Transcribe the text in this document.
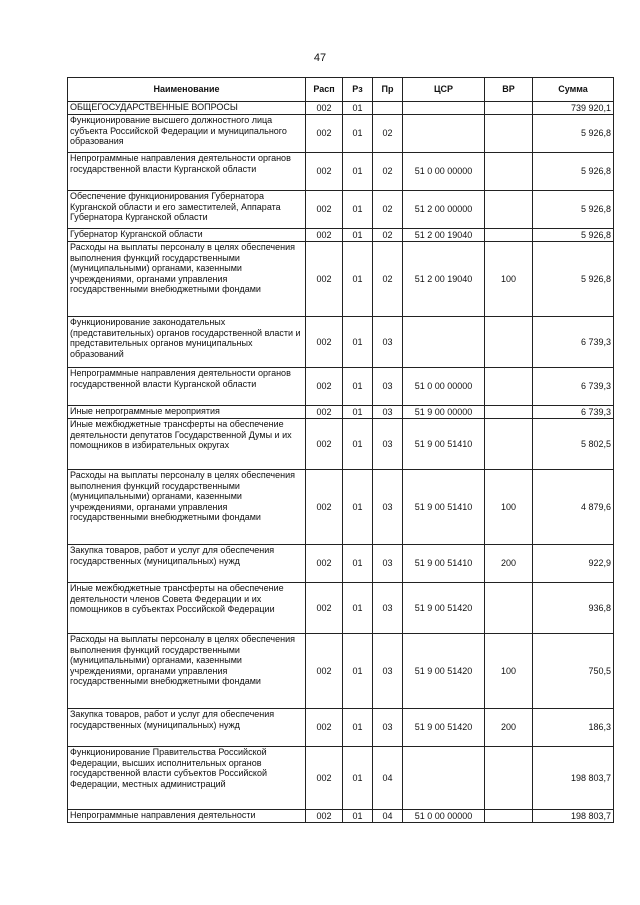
47
Наименование	Расп	Рз	Пр	ЦСР	ВР	Сумма
ОБЩЕГОСУДАРСТВЕННЫЕ ВОПРОСЫ	002	01				739 920,1
Функционирование высшего должностного лица субъекта Российской Федерации и муниципального образования	002	01	02			5 926,8
Непрограммные направления деятельности органов государственной власти Курганской области	002	01	02	51 0 00 00000		5 926,8
Обеспечение функционирования Губернатора Курганской области и его заместителей, Аппарата Губернатора Курганской области	002	01	02	51 2 00 00000		5 926,8
Губернатор Курганской области	002	01	02	51 2 00 19040		5 926,8
Расходы на выплаты персоналу в целях обеспечения выполнения функций государственными (муниципальными) органами, казенными учреждениями, органами управления государственными внебюджетными фондами	002	01	02	51 2 00 19040	100	5 926,8
Функционирование законодательных (представительных) органов государственной власти и представительных органов муниципальных образований	002	01	03			6 739,3
Непрограммные направления деятельности органов государственной власти Курганской области	002	01	03	51 0 00 00000		6 739,3
Иные непрограммные мероприятия	002	01	03	51 9 00 00000		6 739,3
Иные межбюджетные трансферты на обеспечение деятельности депутатов Государственной Думы и их помощников в избирательных округах	002	01	03	51 9 00 51410		5 802,5
Расходы на выплаты персоналу в целях обеспечения выполнения функций государственными (муниципальными) органами, казенными учреждениями, органами управления государственными внебюджетными фондами	002	01	03	51 9 00 51410	100	4 879,6
Закупка товаров, работ и услуг для обеспечения государственных (муниципальных) нужд	002	01	03	51 9 00 51410	200	922,9
Иные межбюджетные трансферты на обеспечение деятельности членов Совета Федерации и их помощников в субъектах Российской Федерации	002	01	03	51 9 00 51420		936,8
Расходы на выплаты персоналу в целях обеспечения выполнения функций государственными (муниципальными) органами, казенными учреждениями, органами управления государственными внебюджетными фондами	002	01	03	51 9 00 51420	100	750,5
Закупка товаров, работ и услуг для обеспечения государственных (муниципальных) нужд	002	01	03	51 9 00 51420	200	186,3
Функционирование Правительства Российской Федерации, высших исполнительных органов государственной власти субъектов Российской Федерации, местных администраций	002	01	04			198 803,7
Непрограммные направления деятельности	002	01	04	51 0 00 00000		198 803,7
